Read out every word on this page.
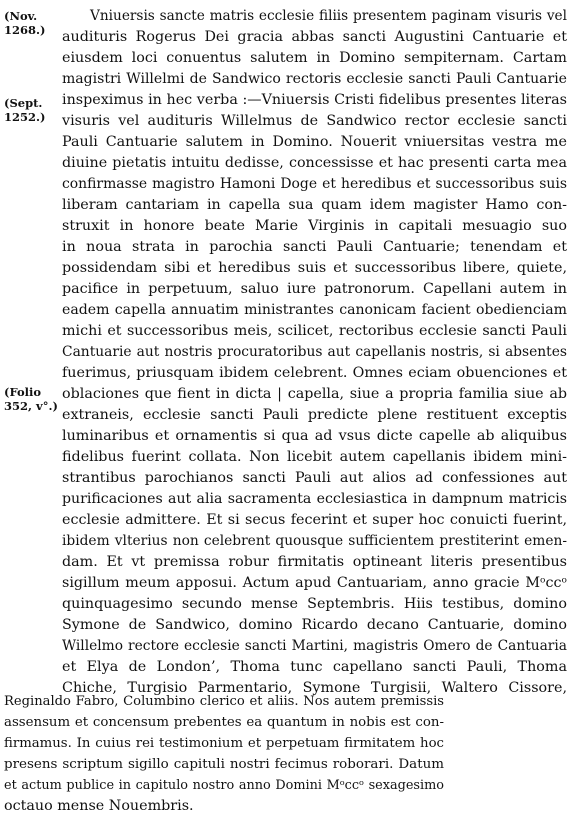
(Nov.
1268.)
(Sept.
1252.)
(Folio
352, v°.)
Vniuersis sancte matris ecclesie filiis presentem paginam visuris vel
audituris Rogerus Dei gracia abbas sancti Augustini Cantuarie et
eiusdem loci conuentus salutem in Domino sempiternam. Cartam
magistri Willelmi de Sandwico rectoris ecclesie sancti Pauli Cantuarie
inspeximus in hec verba :—Vniuersis Cristi fidelibus presentes literas
visuris vel audituris Willelmus de Sandwico rector ecclesie sancti
Pauli Cantuarie salutem in Domino. Nouerit vniuersitas vestra me
diuine pietatis intuitu dedisse, concessisse et hac presenti carta mea
confirmasse magistro Hamoni Doge et heredibus et successoribus suis
liberam cantariam in capella sua quam idem magister Hamo con-
struxit in honore beate Marie Virginis in capitali mesuagio suo
in noua strata in parochia sancti Pauli Cantuarie; tenendam et
possidendam sibi et heredibus suis et successoribus libere, quiete,
pacifice in perpetuum, saluo iure patronorum. Capellani autem in
eadem capella annuatim ministrantes canonicam facient obedienciam
michi et successoribus meis, scilicet, rectoribus ecclesie sancti Pauli
Cantuarie aut nostris procuratoribus aut capellanis nostris, si absentes
fuerimus, priusquam ibidem celebrent. Omnes eciam obuenciones et
oblaciones que fient in dicta | capella, siue a propria familia siue ab
extraneis, ecclesie sancti Pauli predicte plene restituent exceptis
luminaribus et ornamentis si qua ad vsus dicte capelle ab aliquibus
fidelibus fuerint collata. Non licebit autem capellanis ibidem mini-
strantibus parochianos sancti Pauli aut alios ad confessiones aut
purificaciones aut alia sacramenta ecclesiastica in dampnum matricis
ecclesie admittere. Et si secus fecerint et super hoc conuicti fuerint,
ibidem vlterius non celebrent quousque sufficientem prestiterint emen-
dam. Et vt premissa robur firmitatis optineant literis presentibus
sigillum meum apposui. Actum apud Cantuariam, anno gracie Mᵒccᵒ
quinquagesimo secundo mense Septembris. Hiis testibus, domino
Symone de Sandwico, domino Ricardo decano Cantuarie, domino
Willelmo rectore ecclesie sancti Martini, magistris Omero de Cantuaria
et Elya de London’, Thoma tunc capellano sancti Pauli, Thoma
Chiche, Turgisio Parmentario, Symone Turgisii, Waltero Cissore,
Reginaldo Fabro, Columbino clerico et aliis. Nos autem premissis
assensum et concensum prebentes ea quantum in nobis est con-
firmamus. In cuius rei testimonium et perpetuam firmitatem hoc
presens scriptum sigillo capituli nostri fecimus roborari. Datum
et actum publice in capitulo nostro anno Domini Mᵒccᵒ sexagesimo
octauo mense Nouembris.
